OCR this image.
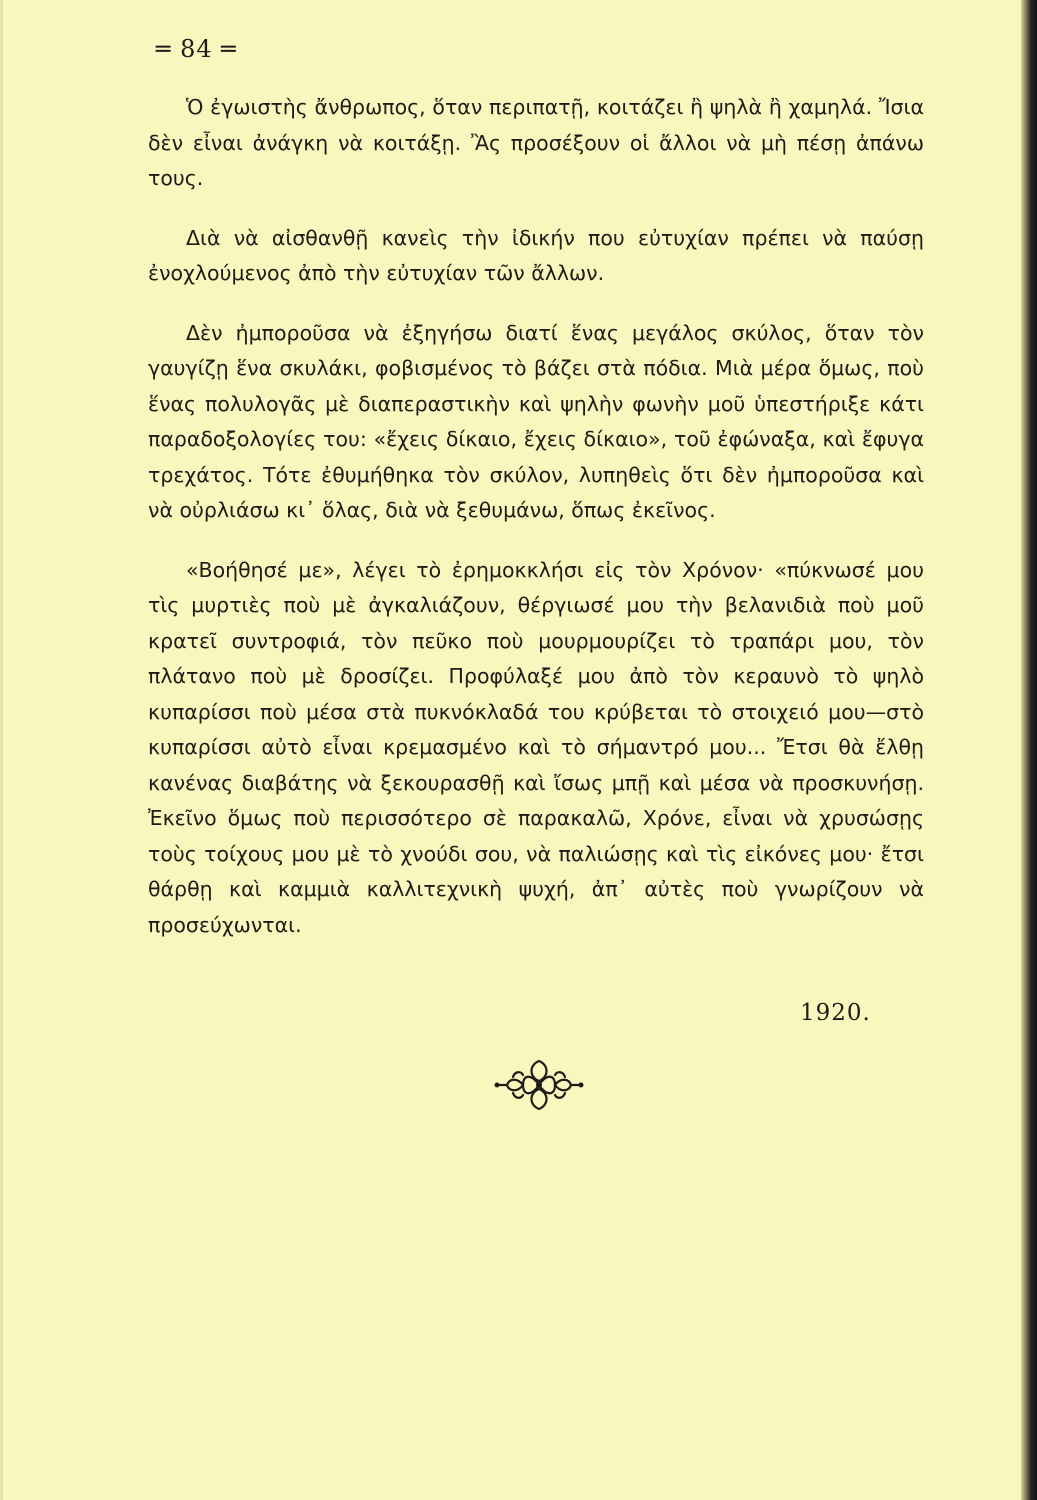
═ 84 ═

Ὁ ἐγωιστὴς ἄνθρωπος, ὅταν περιπατῇ, κοιτάζει ἢ ψηλὰ ἢ χαμηλά. Ἴσια δὲν εἶναι ἀνάγκη νὰ κοιτάξῃ. Ἂς προσέξουν οἱ ἄλλοι νὰ μὴ πέσῃ ἀπάνω τους.

Διὰ νὰ αἰσθανθῇ κανεὶς τὴν ἰδικήν που εὐτυχίαν πρέπει νὰ παύσῃ ἐνοχλούμενος ἀπὸ τὴν εὐτυχίαν τῶν ἄλλων.

Δὲν ἠμποροῦσα νὰ ἐξηγήσω διατί ἕνας μεγάλος σκύλος, ὅταν τὸν γαυγίζῃ ἕνα σκυλάκι, φοβισμένος τὸ βάζει στὰ πόδια. Μιὰ μέρα ὅμως, ποὺ ἕνας πολυλογᾶς μὲ διαπεραστικὴν καὶ ψηλὴν φωνὴν μοῦ ὑπεστήριξε κάτι παραδοξολογίες του: «ἔχεις δίκαιο, ἔχεις δίκαιο», τοῦ ἐφώναξα, καὶ ἔφυγα τρεχάτος. Τότε ἐθυμήθηκα τὸν σκύλον, λυπηθεὶς ὅτι δὲν ἠμποροῦσα καὶ νὰ οὐρλιάσω κι᾿ ὅλας, διὰ νὰ ξεθυμάνω, ὅπως ἐκεῖνος.

«Βοήθησέ με», λέγει τὸ ἐρημοκκλήσι εἰς τὸν Χρόνον· «πύκνωσέ μου τὶς μυρτιὲς ποὺ μὲ ἀγκαλιάζουν, θέργιωσέ μου τὴν βελανιδιὰ ποὺ μοῦ κρατεῖ συντροφιά, τὸν πεῦκο ποὺ μουρμουρίζει τὸ τραπάρι μου, τὸν πλάτανο ποὺ μὲ δροσίζει. Προφύλαξέ μου ἀπὸ τὸν κεραυνὸ τὸ ψηλὸ κυπαρίσσι ποὺ μέσα στὰ πυκνόκλαδά του κρύβεται τὸ στοιχειό μου—στὸ κυπαρίσσι αὐτὸ εἶναι κρεμασμένο καὶ τὸ σήμαντρό μου... Ἔτσι θὰ ἔλθῃ κανένας διαβάτης νὰ ξεκουρασθῇ καὶ ἴσως μπῇ καὶ μέσα νὰ προσκυνήσῃ. Ἐκεῖνο ὅμως ποὺ περισσότερο σὲ παρακαλῶ, Χρόνε, εἶναι νὰ χρυσώσῃς τοὺς τοίχους μου μὲ τὸ χνούδι σου, νὰ παλιώσῃς καὶ τὶς εἰκόνες μου· ἔτσι θάρθῃ καὶ καμμιὰ καλλιτεχνικὴ ψυχή, ἀπ᾿ αὐτὲς ποὺ γνωρίζουν νὰ προσεύχωνται.

1920.
